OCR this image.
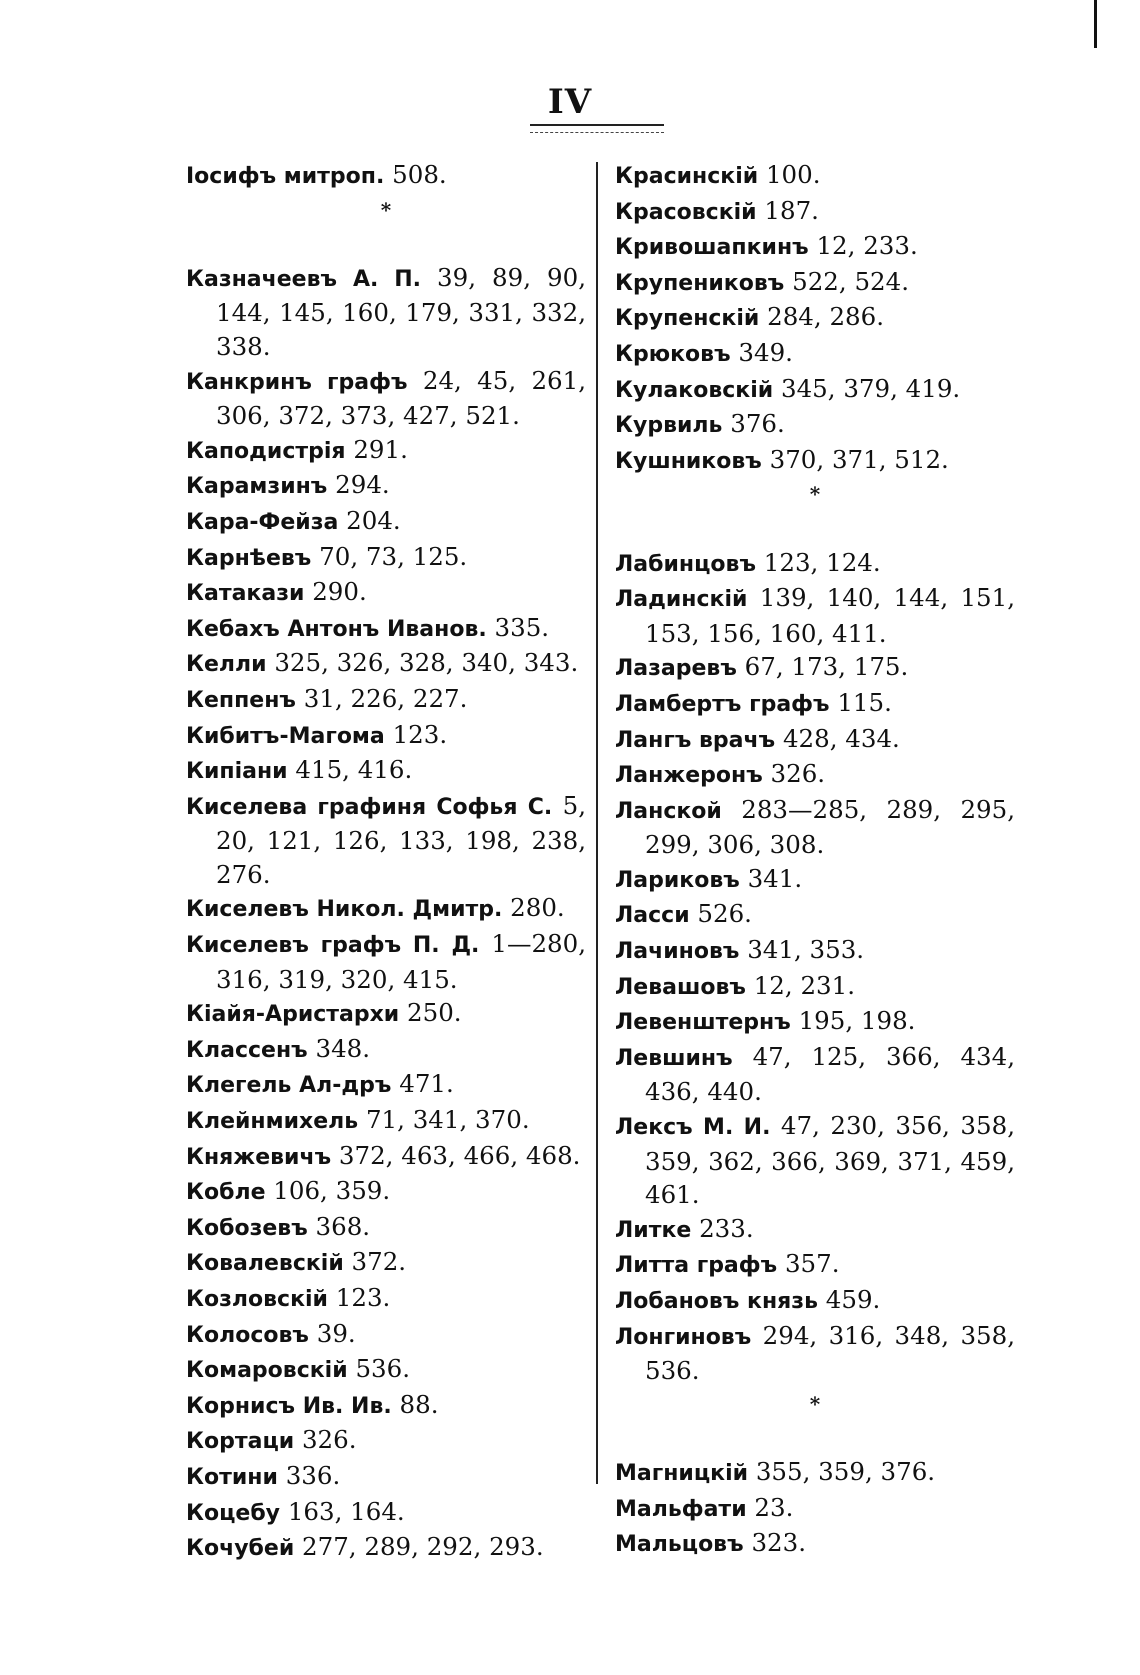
IV

Іосифъ митроп. 508.

*

Казначеевъ А. П. 39, 89, 90, 144, 145, 160, 179, 331, 332, 338.

Канкринъ графъ 24, 45, 261, 306, 372, 373, 427, 521.

Каподистрія 291.

Карамзинъ 294.

Кара-Фейза 204.

Карнѣевъ 70, 73, 125.

Катакази 290.

Кебахъ Антонъ Иванов. 335.

Келли 325, 326, 328, 340, 343.

Кеппенъ 31, 226, 227.

Кибитъ-Магома 123.

Кипіани 415, 416.

Киселева графиня Софья С. 5, 20, 121, 126, 133, 198, 238, 276.

Киселевъ Никол. Дмитр. 280.

Киселевъ графъ П. Д. 1—280, 316, 319, 320, 415.

Кіайя-Аристархи 250.

Классенъ 348.

Клегель Ал-дръ 471.

Клейнмихель 71, 341, 370.

Княжевичъ 372, 463, 466, 468.

Кобле 106, 359.

Кобозевъ 368.

Ковалевскій 372.

Козловскій 123.

Колосовъ 39.

Комаровскій 536.

Корнисъ Ив. Ив. 88.

Кортаци 326.

Котини 336.

Коцебу 163, 164.

Кочубей 277, 289, 292, 293.

Красинскій 100.

Красовскій 187.

Кривошапкинъ 12, 233.

Крупениковъ 522, 524.

Крупенскій 284, 286.

Крюковъ 349.

Кулаковскій 345, 379, 419.

Курвиль 376.

Кушниковъ 370, 371, 512.

*

Лабинцовъ 123, 124.

Ладинскій 139, 140, 144, 151, 153, 156, 160, 411.

Лазаревъ 67, 173, 175.

Ламбертъ графъ 115.

Лангъ врачъ 428, 434.

Ланжеронъ 326.

Ланской 283—285, 289, 295, 299, 306, 308.

Лариковъ 341.

Ласси 526.

Лачиновъ 341, 353.

Левашовъ 12, 231.

Левенштернъ 195, 198.

Левшинъ 47, 125, 366, 434, 436, 440.

Лексъ М. И. 47, 230, 356, 358, 359, 362, 366, 369, 371, 459, 461.

Литке 233.

Литта графъ 357.

Лобановъ князь 459.

Лонгиновъ 294, 316, 348, 358, 536.

*

Магницкій 355, 359, 376.

Мальфати 23.

Мальцовъ 323.
